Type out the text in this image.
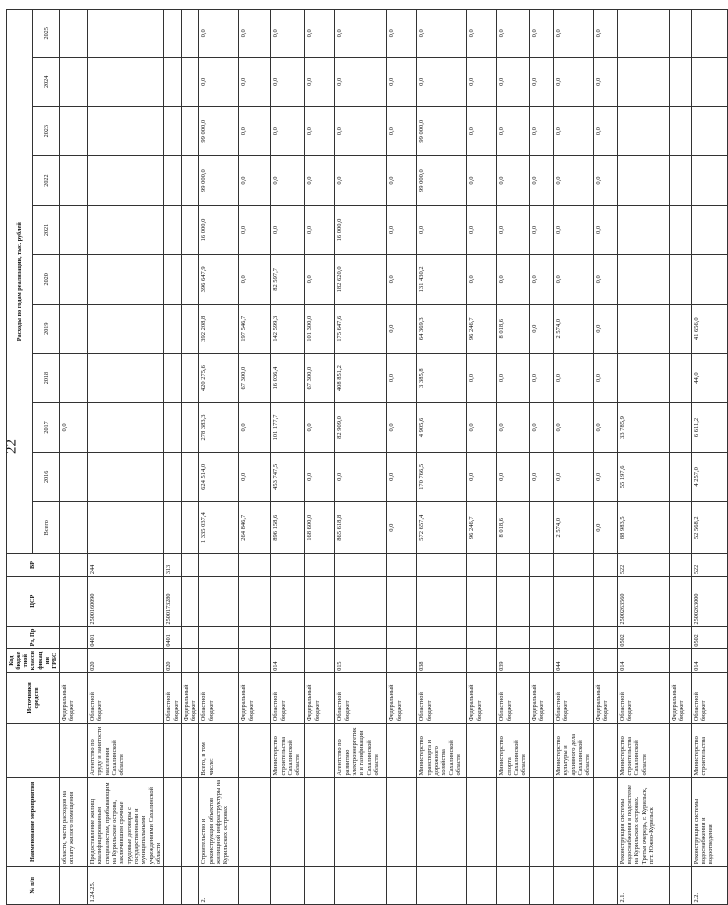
22
№ п/п	Наименование мероприятия		Источники средств	Код бюджетной классификации ГРБС	Рз, Пр	ЦСР	ВР	Расходы по годам реализации, тыс. рублей										
								Всего	2016	2017	2018	2019	2020	2021	2022	2023	2024	2025
	области, части расходов на оплату жилого помещения		Федеральный бюджет							0,0								
1.24.25.	Предоставление жилищ квалифицированным специалистам, прибывающим на Курильские острова, заключившим срочные трудовые договоры с государственными и муниципальными учреждениями Сахалинской области	Агентство по труду и занятости населения Сахалинской области	Областной бюджет	020	0401	2500160090	244											
			Областной бюджет	020	0401	2500173280	313											
			Федеральный бюджет															
2.	Строительство и реконструкция объектов жилищной инфраструктуры на Курильских островах	Всего, в том числе:	Областной бюджет					1 335 037,4	624 514,0	278 383,3	420 275,6	392 208,8	396 647,9	16 000,0	99 000,0	99 000,0	0,0	0,0
			Федеральный бюджет					264 846,7	0,0	0,0	67 300,0	197 546,7	0,0	0,0	0,0	0,0	0,0	0,0
		Министерство строительства Сахалинской области	Областной бюджет	014				896 158,6	453 747,5	101 177,7	16 036,4	142 599,3	82 597,7	0,0	0,0	0,0	0,0	0,0
			Федеральный бюджет					168 600,0	0,0	0,0	67 300,0	101 300,0	0,0	0,0	0,0	0,0	0,0	0,0
		Агентство по развитию электроэнергетики и газификации Сахалинской области	Областной бюджет	015				865 618,8	0,0	82 909,0	408 851,2	175 647,6	182 620,0	16 000,0	0,0	0,0	0,0	0,0
			Федеральный бюджет					0,0	0,0	0,0	0,0	0,0	0,0	0,0	0,0	0,0	0,0	0,0
		Министерство транспорта и дорожного хозяйства Сахалинской области	Областной бюджет	038				572 657,4	170 766,5	4 905,6	3 385,8	64 369,3	131 430,2	0,0	99 000,0	99 000,0	0,0	0,0
			Федеральный бюджет					96 246,7	0,0	0,0	0,0	96 246,7	0,0	0,0	0,0	0,0	0,0	0,0
		Министерство спорта Сахалинской области	Областной бюджет	039				8 018,6	0,0	0,0	0,0	8 018,6	0,0	0,0	0,0	0,0	0,0	0,0
			Федеральный бюджет						0,0	0,0	0,0	0,0	0,0	0,0	0,0	0,0	0,0	0,0
		Министерство культуры и архивного дела Сахалинской области	Областной бюджет	044				2 574,0	0,0	0,0	0,0	2 574,0	0,0	0,0	0,0	0,0	0,0	0,0
			Федеральный бюджет					0,0	0,0	0,0	0,0	0,0	0,0	0,0	0,0	0,0	0,0	0,0
2.1.	Реконструкция системы водоснабжения в подсистеме на Курильских островах. Третья очередь, г. Курильск, пгт. Южно-Курильск	Министерство строительства Сахалинской области	Областной бюджет	014	0502	2500263560	522	88 983,5	55 197,6	33 785,9								
			Федеральный бюджет															
2.2.	Реконструкция системы водоснабжения и водоотведения	Министерство строительства	Областной бюджет	014	0502	2500263000	522	52 568,2	4 257,0	6 611,2	44,0	41 656,0						
